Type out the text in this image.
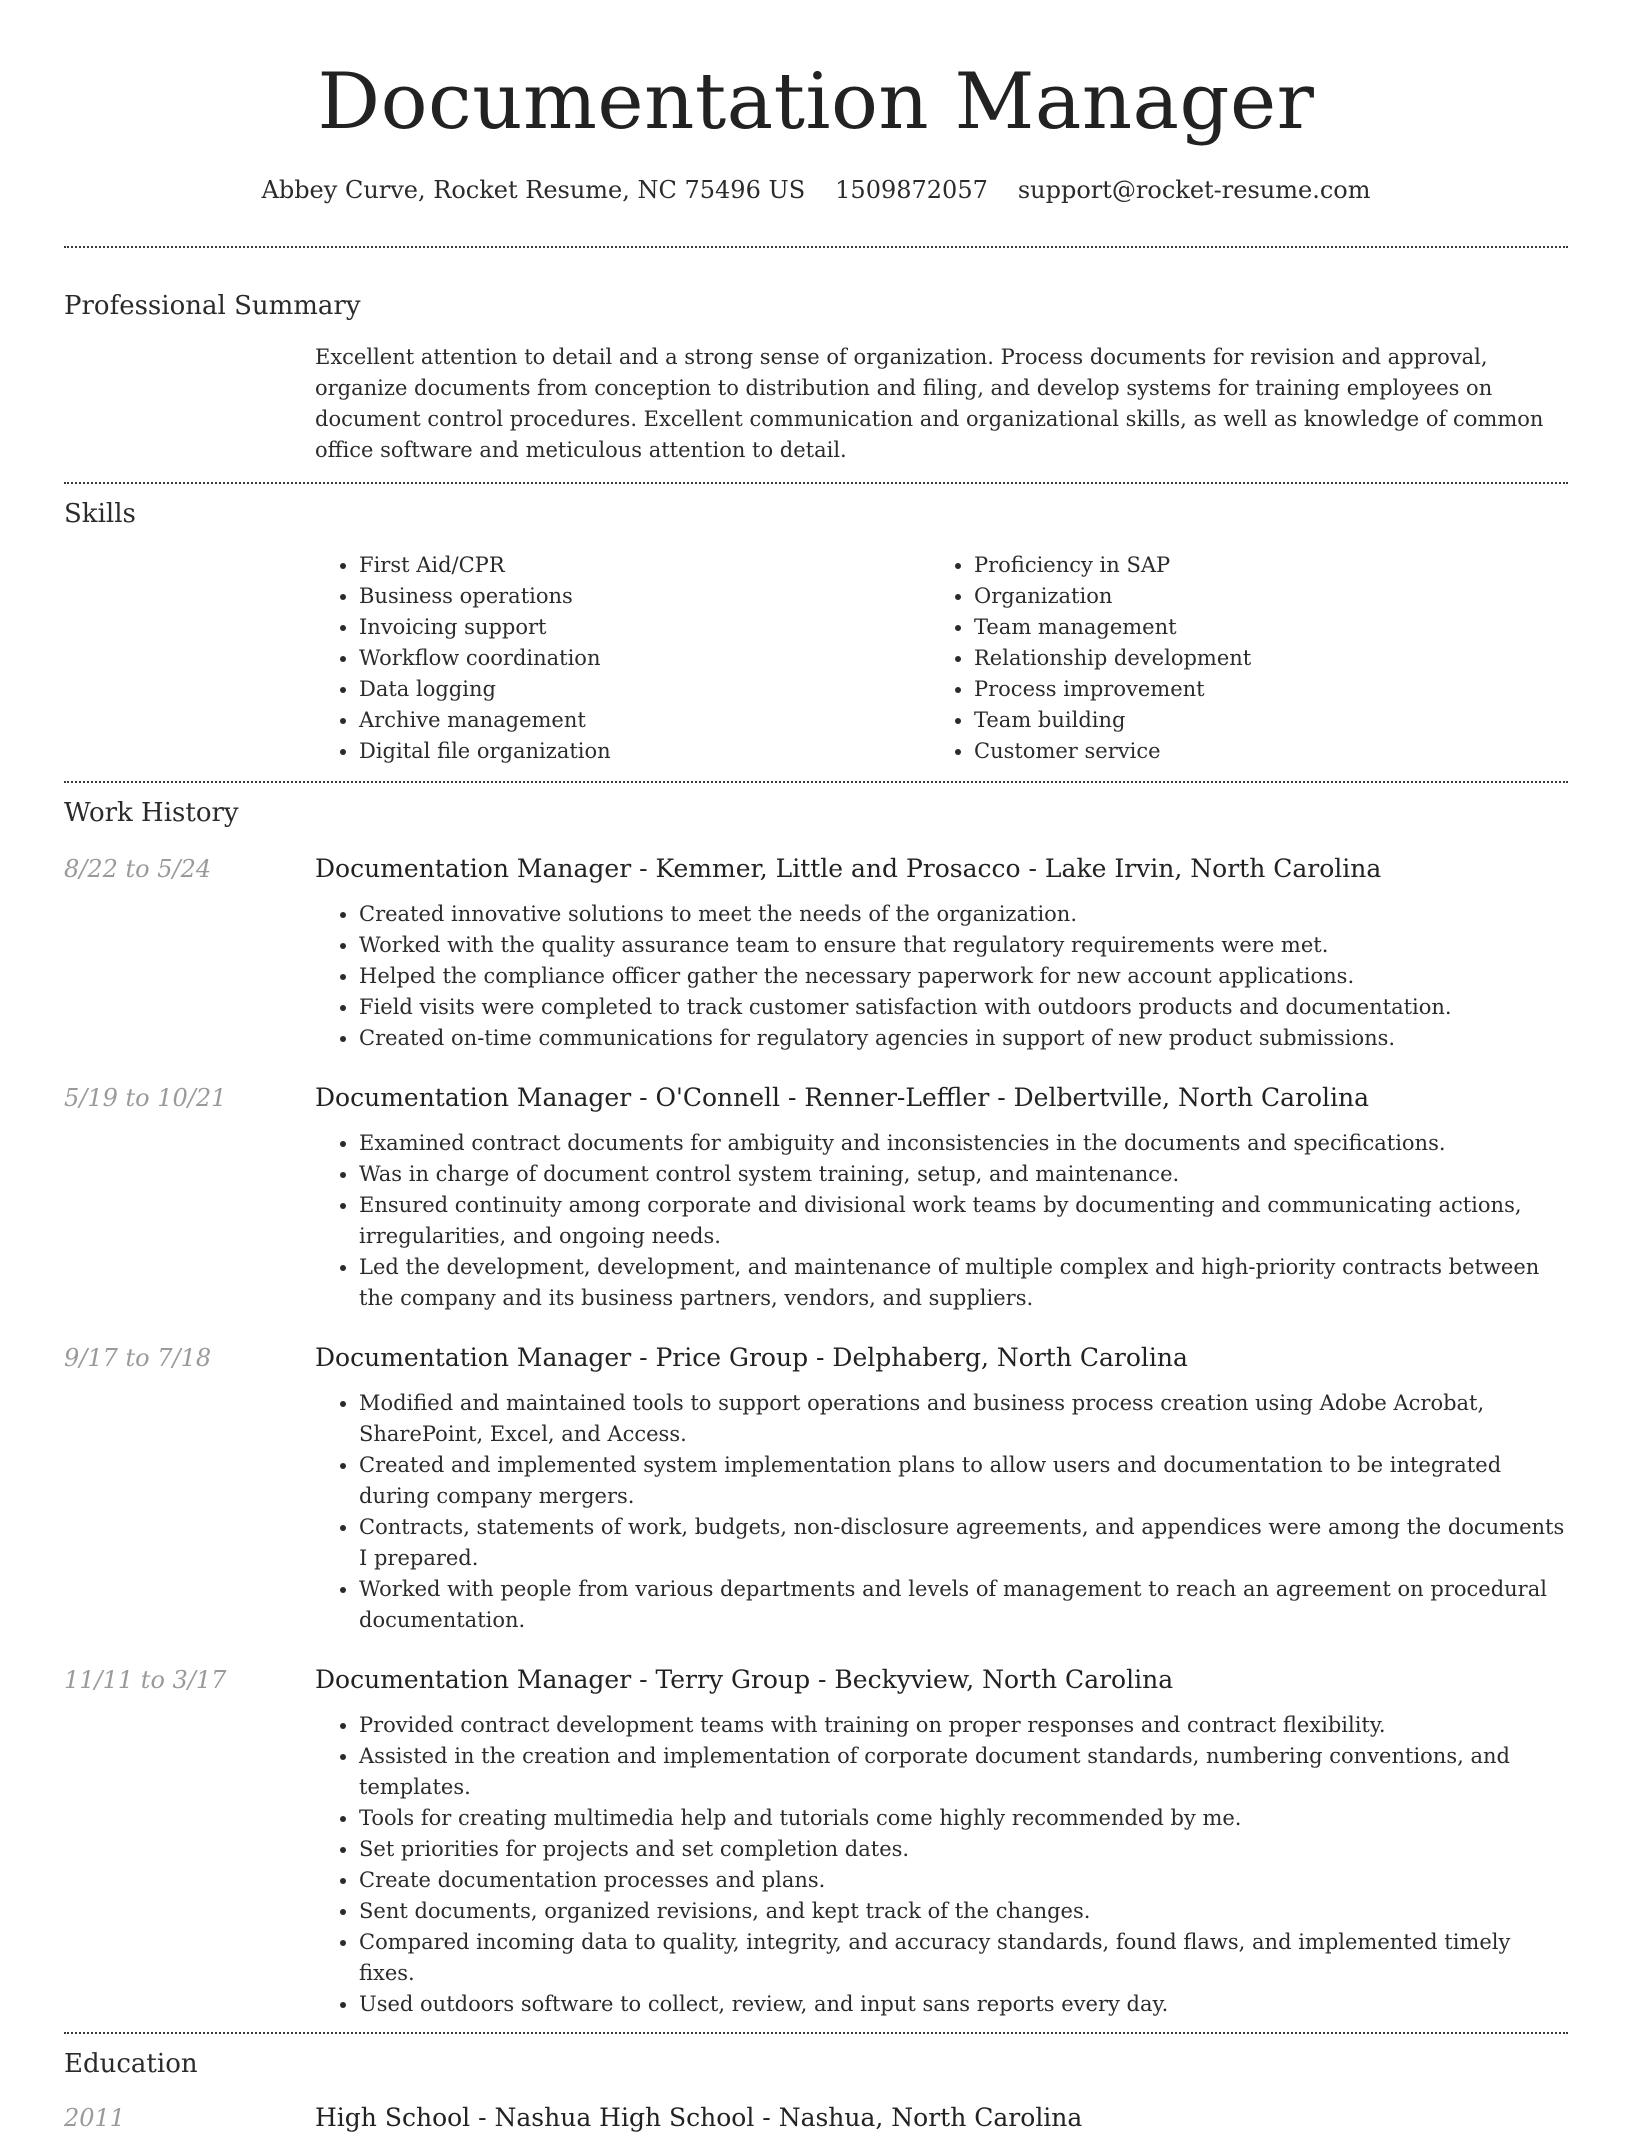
Documentation Manager
Abbey Curve, Rocket Resume, NC 75496 US 1509872057 support@rocket-resume.com
Professional Summary
Excellent attention to detail and a strong sense of organization. Process documents for revision and approval, organize documents from conception to distribution and filing, and develop systems for training employees on document control procedures. Excellent communication and organizational skills, as well as knowledge of common office software and meticulous attention to detail.
Skills
• First Aid/CPR
• Business operations
• Invoicing support
• Workflow coordination
• Data logging
• Archive management
• Digital file organization
• Proficiency in SAP
• Organization
• Team management
• Relationship development
• Process improvement
• Team building
• Customer service
Work History
8/22 to 5/24	Documentation Manager - Kemmer, Little and Prosacco - Lake Irvin, North Carolina
• Created innovative solutions to meet the needs of the organization.
• Worked with the quality assurance team to ensure that regulatory requirements were met.
• Helped the compliance officer gather the necessary paperwork for new account applications.
• Field visits were completed to track customer satisfaction with outdoors products and documentation.
• Created on-time communications for regulatory agencies in support of new product submissions.
5/19 to 10/21	Documentation Manager - O'Connell - Renner-Leffler - Delbertville, North Carolina
• Examined contract documents for ambiguity and inconsistencies in the documents and specifications.
• Was in charge of document control system training, setup, and maintenance.
• Ensured continuity among corporate and divisional work teams by documenting and communicating actions, irregularities, and ongoing needs.
• Led the development, development, and maintenance of multiple complex and high-priority contracts between the company and its business partners, vendors, and suppliers.
9/17 to 7/18	Documentation Manager - Price Group - Delphaberg, North Carolina
• Modified and maintained tools to support operations and business process creation using Adobe Acrobat, SharePoint, Excel, and Access.
• Created and implemented system implementation plans to allow users and documentation to be integrated during company mergers.
• Contracts, statements of work, budgets, non-disclosure agreements, and appendices were among the documents I prepared.
• Worked with people from various departments and levels of management to reach an agreement on procedural documentation.
11/11 to 3/17	Documentation Manager - Terry Group - Beckyview, North Carolina
• Provided contract development teams with training on proper responses and contract flexibility.
• Assisted in the creation and implementation of corporate document standards, numbering conventions, and templates.
• Tools for creating multimedia help and tutorials come highly recommended by me.
• Set priorities for projects and set completion dates.
• Create documentation processes and plans.
• Sent documents, organized revisions, and kept track of the changes.
• Compared incoming data to quality, integrity, and accuracy standards, found flaws, and implemented timely fixes.
• Used outdoors software to collect, review, and input sans reports every day.
Education
2011	High School - Nashua High School - Nashua, North Carolina
